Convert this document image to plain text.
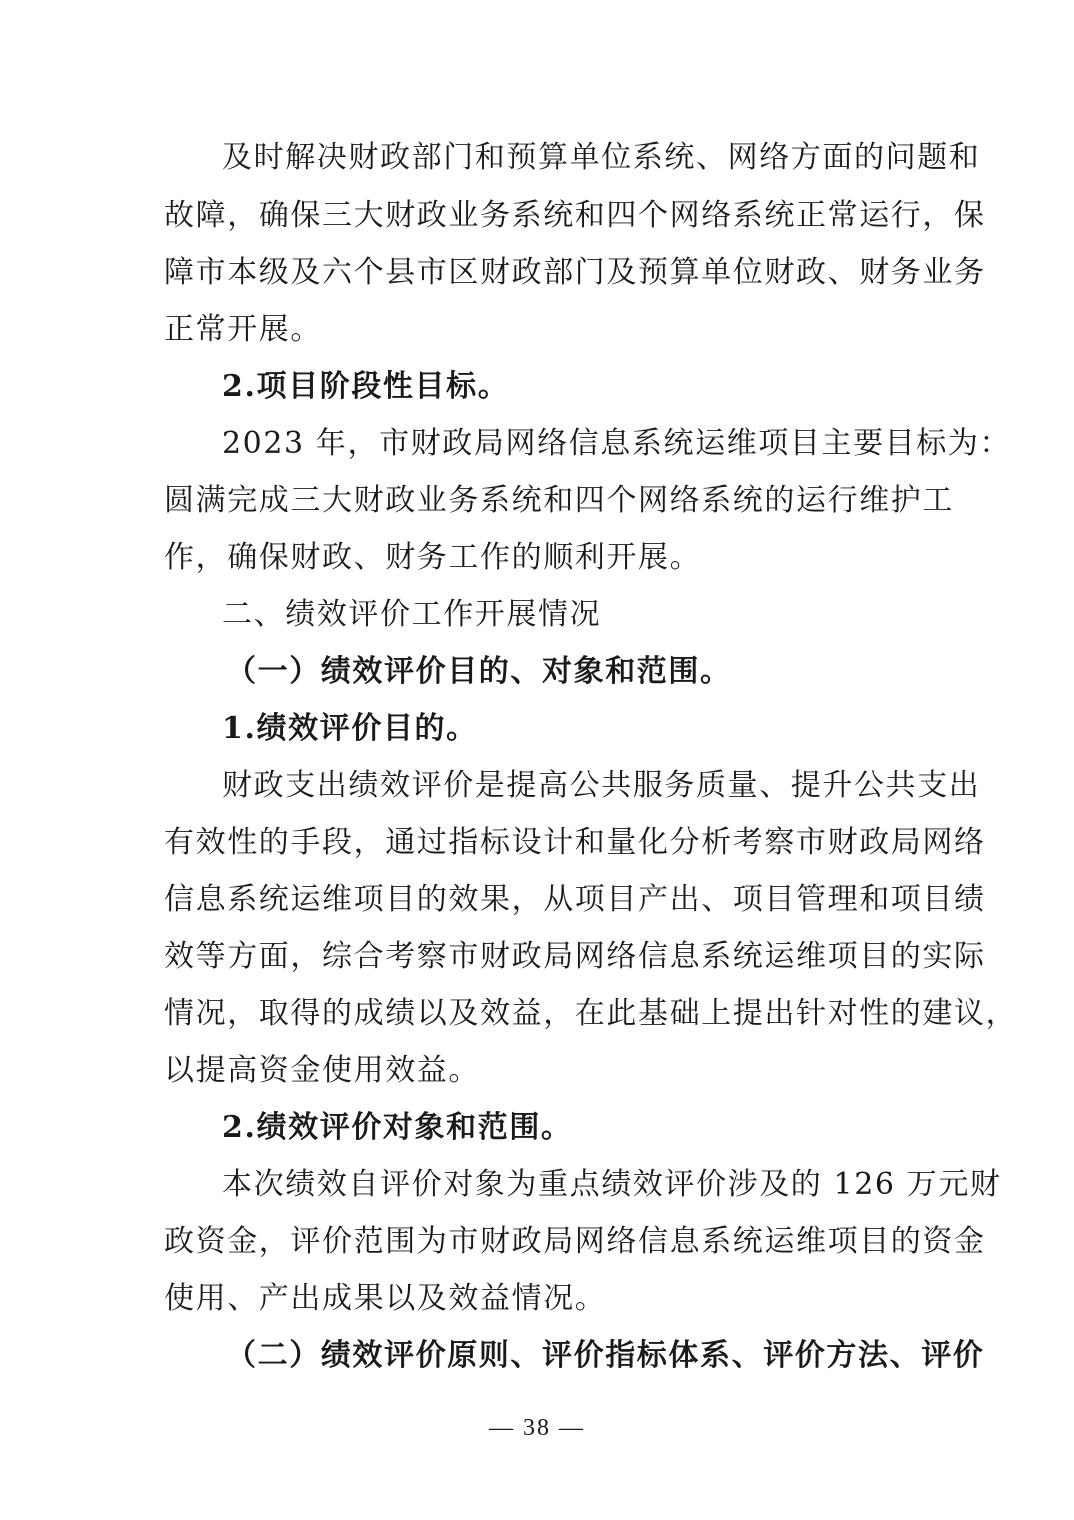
及时解决财政部门和预算单位系统、网络方面的问题和
故障，确保三大财政业务系统和四个网络系统正常运行，保
障市本级及六个县市区财政部门及预算单位财政、财务业务
正常开展。
2.项目阶段性目标。
2023 年，市财政局网络信息系统运维项目主要目标为：
圆满完成三大财政业务系统和四个网络系统的运行维护工
作，确保财政、财务工作的顺利开展。
二、绩效评价工作开展情况
（一）绩效评价目的、对象和范围。
1.绩效评价目的。
财政支出绩效评价是提高公共服务质量、提升公共支出
有效性的手段，通过指标设计和量化分析考察市财政局网络
信息系统运维项目的效果，从项目产出、项目管理和项目绩
效等方面，综合考察市财政局网络信息系统运维项目的实际
情况，取得的成绩以及效益，在此基础上提出针对性的建议，
以提高资金使用效益。
2.绩效评价对象和范围。
本次绩效自评价对象为重点绩效评价涉及的 126 万元财
政资金，评价范围为市财政局网络信息系统运维项目的资金
使用、产出成果以及效益情况。
（二）绩效评价原则、评价指标体系、评价方法、评价
— 38 —
